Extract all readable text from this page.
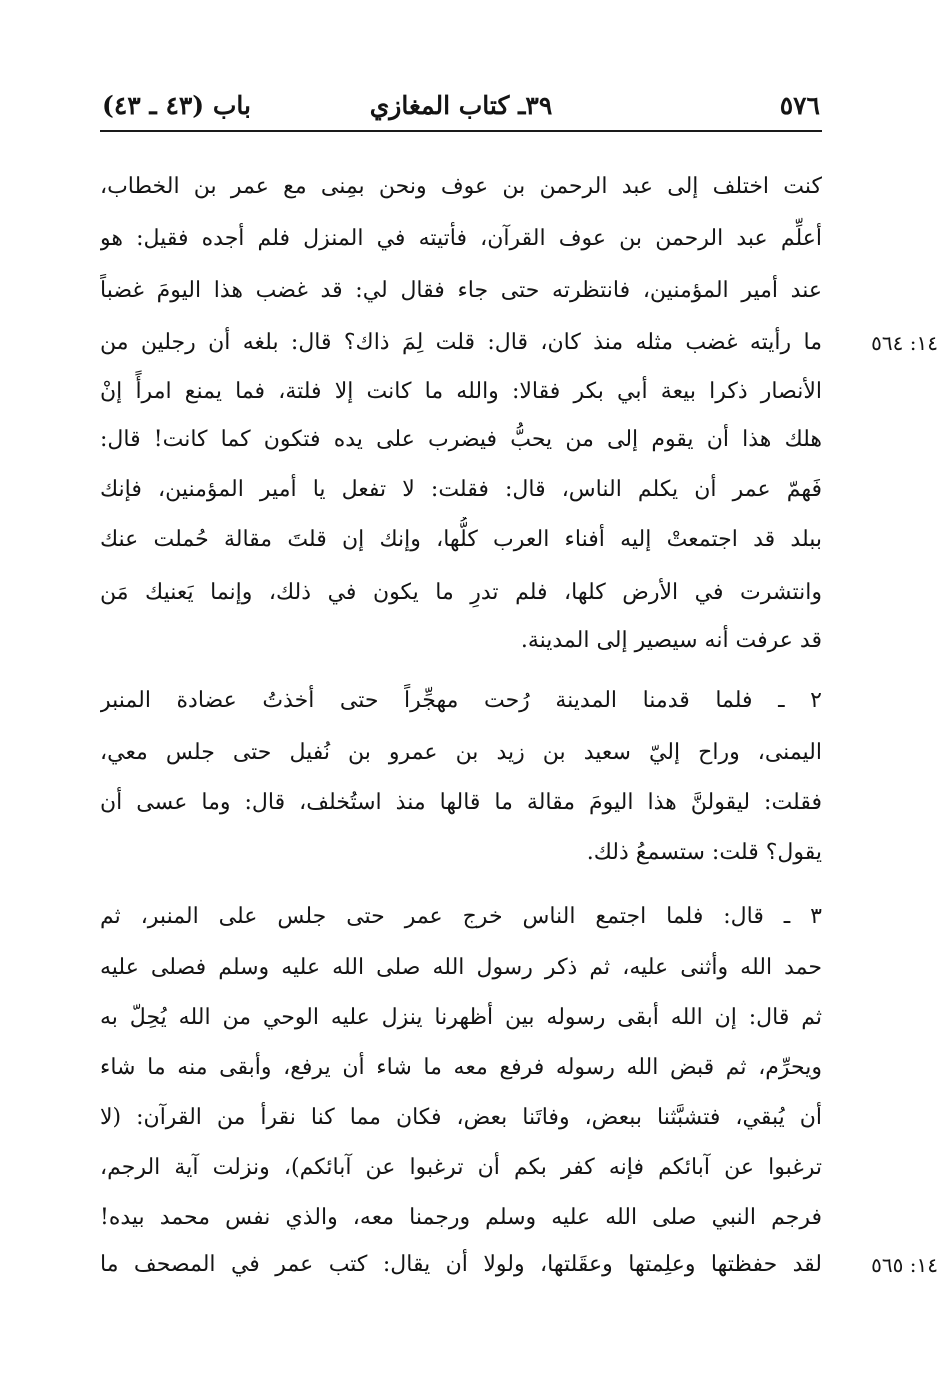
٥٧٦
٣٩ـ كتاب المغازي
باب (٤٣ ـ ٤٣)
كنت اختلف إلى عبد الرحمن بن عوف ونحن بمِنى مع عمر بن الخطاب،
أعلِّم عبد الرحمن بن عوف القرآن، فأتيته في المنزل فلم أجده فقيل: هو
عند أمير المؤمنين، فانتظرته حتى جاء فقال لي: قد غضب هذا اليومَ غضباً
ما رأيته غضب مثله منذ كان، قال: قلت لِمَ ذاك؟ قال: بلغه أن رجلين من
الأنصار ذكرا بيعة أبي بكر فقالا: والله ما كانت إلا فلتة، فما يمنع امرأً إنْ
هلك هذا أن يقوم إلى من يحبُّ فيضرب على يده فتكون كما كانت! قال:
فَهمّ عمر أن يكلم الناس، قال: فقلت: لا تفعل يا أمير المؤمنين، فإنك
ببلد قد اجتمعتْ إليه أفناء العرب كلُّها، وإنك إن قلتَ مقالة حُملت عنك
وانتشرت في الأرض كلها، فلم تدرِ ما يكون في ذلك، وإنما يَعنيك مَن
قد عرفت أنه سيصير إلى المدينة.
٢ ـ فلما قدمنا المدينة رُحت مهجِّراً حتى أخذتُ عضادة المنبر
اليمنى، وراح إليّ سعيد بن زيد بن عمرو بن نُفيل حتى جلس معي،
فقلت: ليقولنَّ هذا اليومَ مقالة ما قالها منذ استُخلف، قال: وما عسى أن
يقول؟ قلت: ستسمعُ ذلك.
٣ ـ قال: فلما اجتمع الناس خرج عمر حتى جلس على المنبر، ثم
حمد الله وأثنى عليه، ثم ذكر رسول الله صلى الله عليه وسلم فصلى عليه
ثم قال: إن الله أبقى رسوله بين أظهرنا ينزل عليه الوحي من الله يُحِلّ به
ويحرِّم، ثم قبض الله رسوله فرفع معه ما شاء أن يرفع، وأبقى منه ما شاء
أن يُبقي، فتشبَّثنا ببعض، وفاتَنا بعض، فكان مما كنا نقرأ من القرآن: (لا
ترغبوا عن آبائكم فإنه كفر بكم أن ترغبوا عن آبائكم)، ونزلت آية الرجم،
فرجم النبي صلى الله عليه وسلم ورجمنا معه، والذي نفس محمد بيده!
لقد حفظتها وعلِمتها وعقَلتها، ولولا أن يقال: كتب عمر في المصحف ما
١٤: ٥٦٤
١٤: ٥٦٥
